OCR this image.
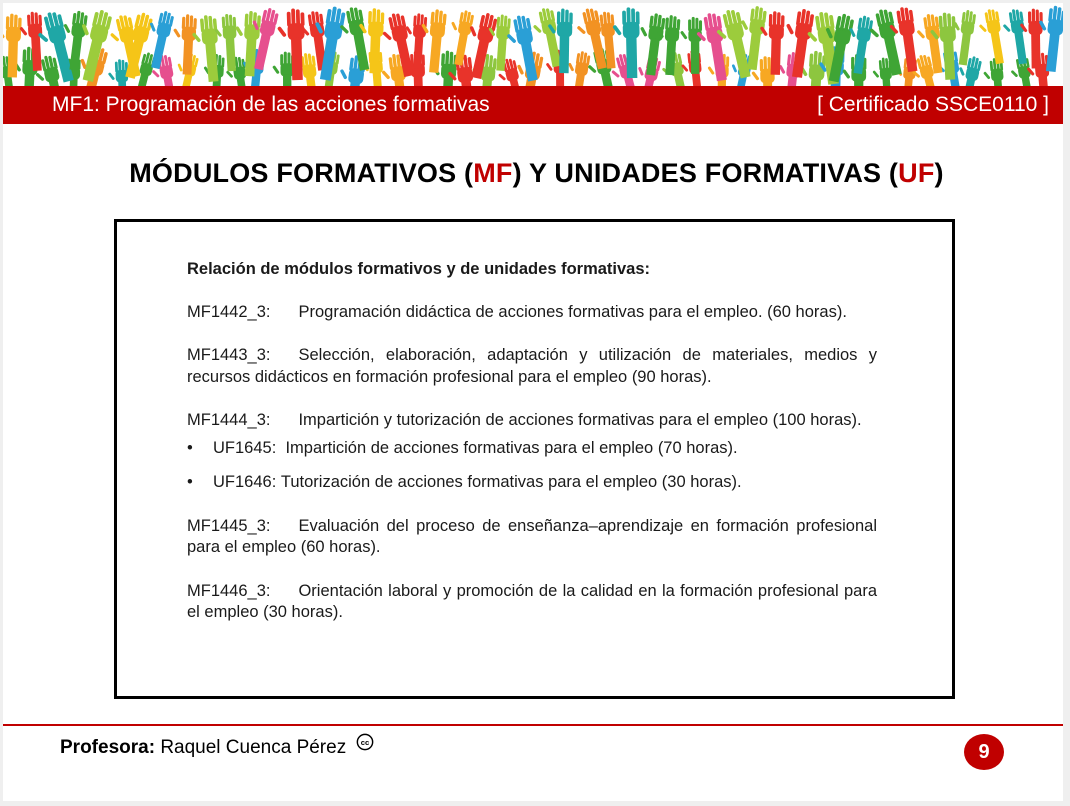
MF1: Programación de las acciones formativas	[ Certificado SSCE0110 ]
MÓDULOS FORMATIVOS (MF) Y UNIDADES FORMATIVAS (UF)
Relación de módulos formativos y de unidades formativas:
MF1442_3: Programación didáctica de acciones formativas para el empleo. (60 horas).
MF1443_3: Selección, elaboración, adaptación y utilización de materiales, medios y recursos didácticos en formación profesional para el empleo (90 horas).
MF1444_3: Impartición y tutorización de acciones formativas para el empleo (100 horas).
•	UF1645: Impartición de acciones formativas para el empleo (70 horas).
•	UF1646: Tutorización de acciones formativas para el empleo (30 horas).
MF1445_3: Evaluación del proceso de enseñanza–aprendizaje en formación profesional para el empleo (60 horas).
MF1446_3: Orientación laboral y promoción de la calidad en la formación profesional para el empleo (30 horas).
Profesora:
Raquel Cuenca Pérez cc	9
